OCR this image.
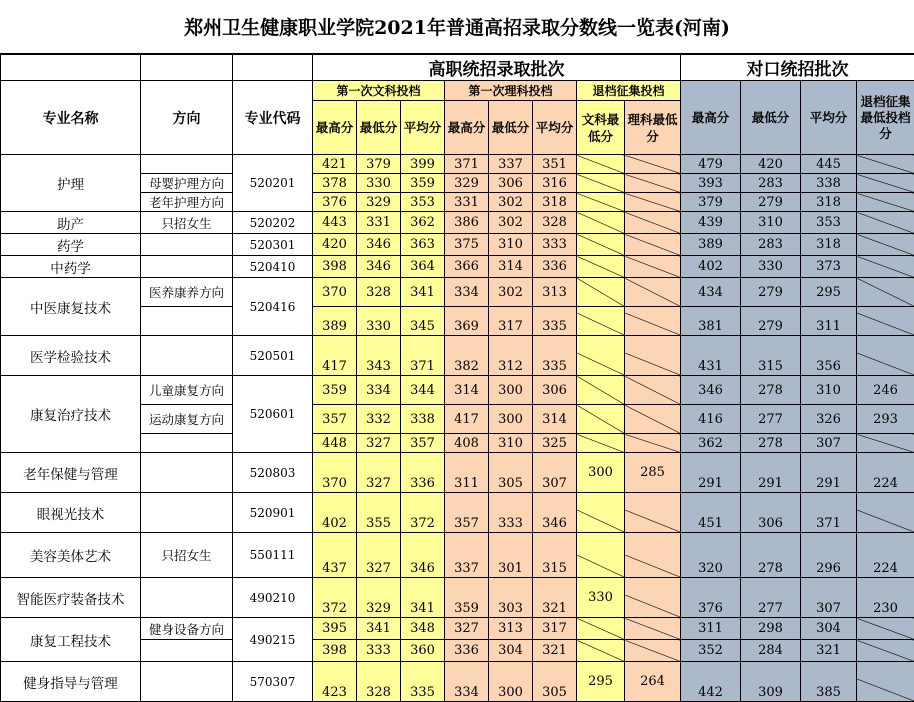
郑州卫生健康职业学院2021年普通高招录取分数线一览表(河南)
			高职统招录取批次								对口统招批次			
专业名称	方向	专业代码	第一次文科投档			第一次理科投档			退档征集投档		最高分	最低分	平均分	退档征集最低投档分
			最高分	最低分	平均分	最高分	最低分	平均分	文科最低分	理科最低分				
护理		520201	421	379	399	371	337	351			479	420	445	
	母婴护理方向		378	330	359	329	306	316			393	283	338	
	老年护理方向		376	329	353	331	302	318			379	279	318	
助产	只招女生	520202	443	331	362	386	302	328			439	310	353	
药学		520301	420	346	363	375	310	333			389	283	318	
中药学		520410	398	346	364	366	314	336			402	330	373	
中医康复技术	医养康养方向	520416	370	328	341	334	302	313			434	279	295	
			389	330	345	369	317	335			381	279	311	
医学检验技术		520501	417	343	371	382	312	335			431	315	356	
康复治疗技术	儿童康复方向	520601	359	334	344	314	300	306			346	278	310	246
	运动康复方向		357	332	338	417	300	314			416	277	326	293
			448	327	357	408	310	325			362	278	307	
老年保健与管理		520803	370	327	336	311	305	307	300	285	291	291	291	224
眼视光技术		520901	402	355	372	357	333	346			451	306	371	
美容美体艺术	只招女生	550111	437	327	346	337	301	315			320	278	296	224
智能医疗装备技术		490210	372	329	341	359	303	321	330		376	277	307	230
康复工程技术	健身设备方向	490215	395	341	348	327	313	317			311	298	304	
			398	333	360	336	304	321			352	284	321	
健身指导与管理		570307	423	328	335	334	300	305	295	264	442	309	385	
